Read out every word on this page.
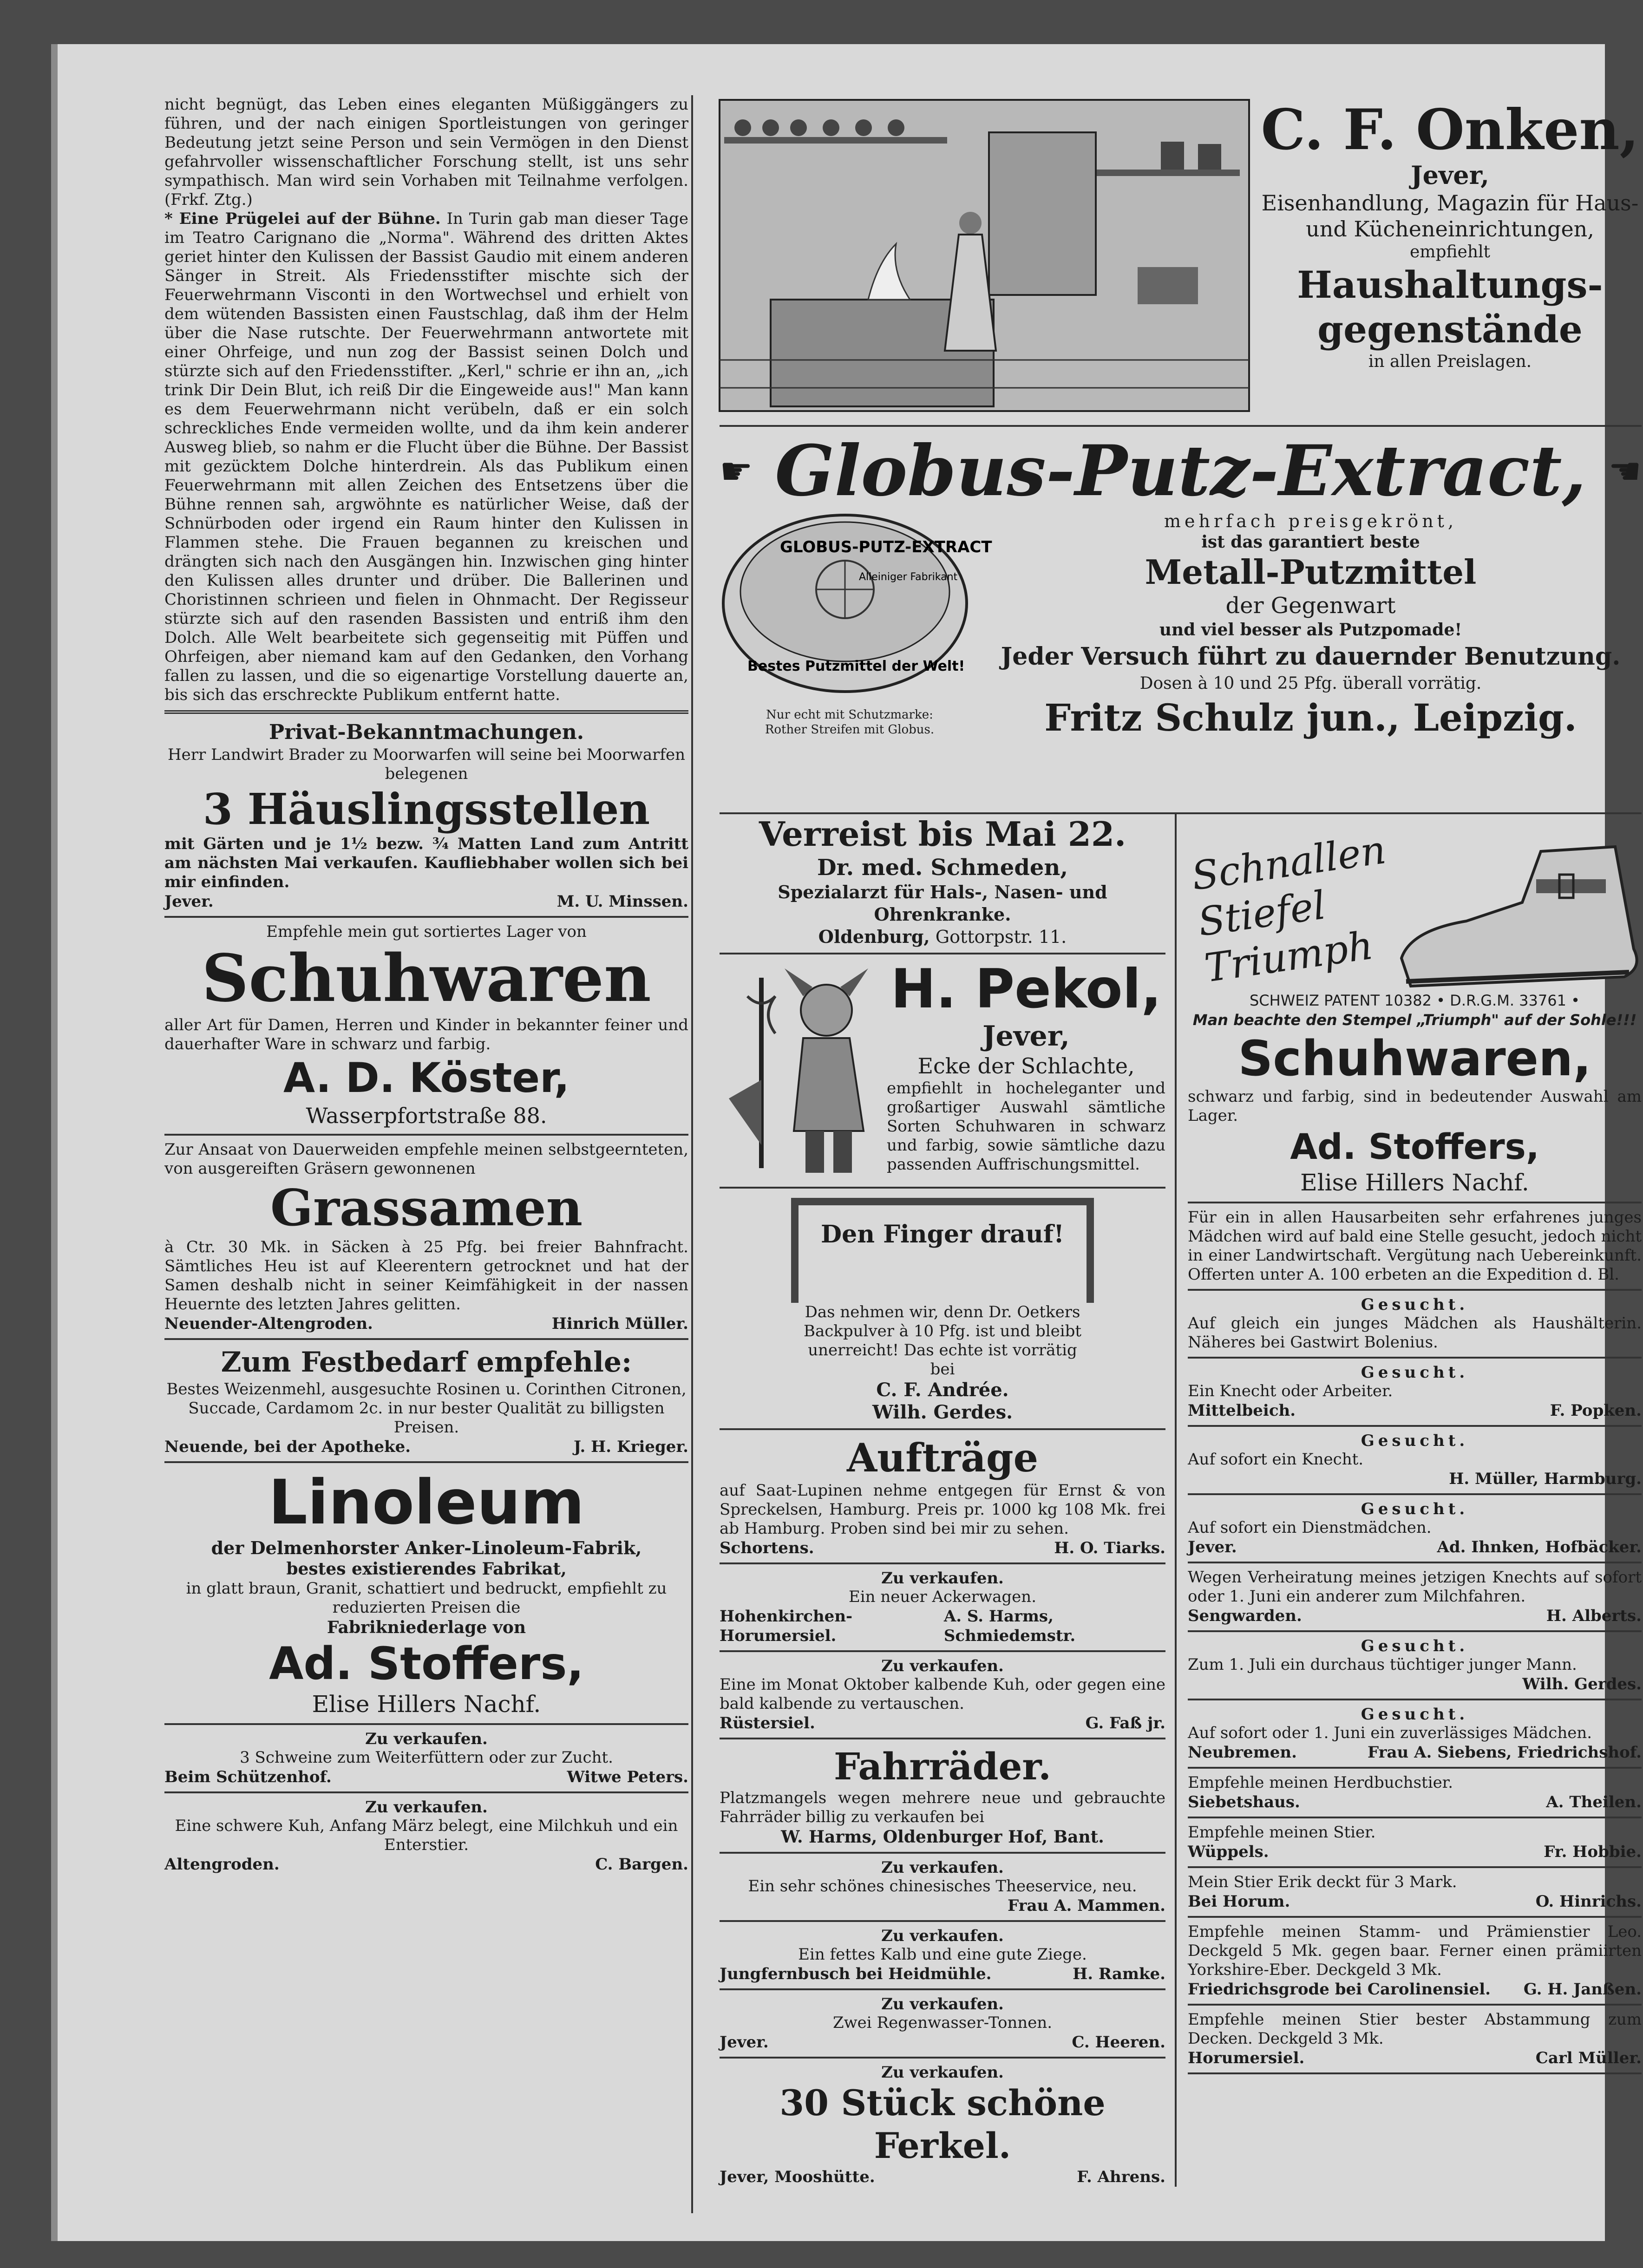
nicht begnügt, das Leben eines eleganten Müßiggängers zu führen, und der nach einigen Sportleistungen von geringer Bedeutung jetzt seine Person und sein Vermögen in den Dienst gefahrvoller wissenschaftlicher Forschung stellt, ist uns sehr sympathisch. Man wird sein Vorhaben mit Teilnahme verfolgen. (Frkf. Ztg.)

* Eine Prügelei auf der Bühne. In Turin gab man dieser Tage im Teatro Carignano die „Norma". Während des dritten Aktes geriet hinter den Kulissen der Bassist Gaudio mit einem anderen Sänger in Streit. Als Friedensstifter mischte sich der Feuerwehrmann Visconti in den Wortwechsel und erhielt von dem wütenden Bassisten einen Faustschlag, daß ihm der Helm über die Nase rutschte. Der Feuerwehrmann antwortete mit einer Ohrfeige, und nun zog der Bassist seinen Dolch und stürzte sich auf den Friedensstifter. „Kerl," schrie er ihn an, „ich trink Dir Dein Blut, ich reiß Dir die Eingeweide aus!" Man kann es dem Feuerwehrmann nicht verübeln, daß er ein solch schreckliches Ende vermeiden wollte, und da ihm kein anderer Ausweg blieb, so nahm er die Flucht über die Bühne. Der Bassist mit gezücktem Dolche hinterdrein. Als das Publikum einen Feuerwehrmann mit allen Zeichen des Entsetzens über die Bühne rennen sah, argwöhnte es natürlicher Weise, daß der Schnürboden oder irgend ein Raum hinter den Kulissen in Flammen stehe. Die Frauen begannen zu kreischen und drängten sich nach den Ausgängen hin. Inzwischen ging hinter den Kulissen alles drunter und drüber. Die Ballerinen und Choristinnen schrieen und fielen in Ohnmacht. Der Regisseur stürzte sich auf den rasenden Bassisten und entriß ihm den Dolch. Alle Welt bearbeitete sich gegenseitig mit Püffen und Ohrfeigen, aber niemand kam auf den Gedanken, den Vorhang fallen zu lassen, und die so eigenartige Vorstellung dauerte an, bis sich das erschreckte Publikum entfernt hatte.

Privat-Bekanntmachungen.

Herr Landwirt Brader zu Moorwarfen will seine bei Moorwarfen belegenen

3 Häuslingsstellen

mit Gärten und je 1½ bezw. ¾ Matten Land zum Antritt am nächsten Mai verkaufen. Kaufliebhaber wollen sich bei mir einfinden.

Jever.	M. U. Minssen.

Empfehle mein gut sortiertes Lager von

Schuhwaren

aller Art für Damen, Herren und Kinder in bekannter feiner und dauerhafter Ware in schwarz und farbig.

A. D. Köster,

Wasserpfortstraße 88.

Zur Ansaat von Dauerweiden empfehle meinen selbstgeernteten, von ausgereiften Gräsern gewonnenen

Grassamen

à Ctr. 30 Mk. in Säcken à 25 Pfg. bei freier Bahnfracht. Sämtliches Heu ist auf Kleerentern getrocknet und hat der Samen deshalb nicht in seiner Keimfähigkeit in der nassen Heuernte des letzten Jahres gelitten.

Neuender-Altengroden.	Hinrich Müller.

Zum Festbedarf empfehle:

Bestes Weizenmehl, ausgesuchte Rosinen u. Corinthen Citronen, Succade, Cardamom 2c. in nur bester Qualität zu billigsten Preisen.

Neuende, bei der Apotheke.	J. H. Krieger.

Linoleum

der Delmenhorster Anker-Linoleum-Fabrik,

bestes existierendes Fabrikat,

in glatt braun, Granit, schattiert und bedruckt, empfiehlt zu reduzierten Preisen die

Fabrikniederlage von

Ad. Stoffers,

Elise Hillers Nachf.

Zu verkaufen.

3 Schweine zum Weiterfüttern oder zur Zucht.

Beim Schützenhof.	Witwe Peters.

Zu verkaufen.

Eine schwere Kuh, Anfang März belegt, eine Milchkuh und ein Enterstier.

Altengroden.	C. Bargen.

C. F. Onken,

Jever,

Eisenhandlung, Magazin für Haus- und Kücheneinrichtungen,

empfiehlt

Haushaltungs-gegenstände

in allen Preislagen.

☛ Globus-Putz-Extract, ☚
GLOBUS-PUTZ-EXTRACT
Alleiniger Fabrikant
Bestes Putzmittel der Welt!

Nur echt mit Schutzmarke:

Rother Streifen mit Globus.

mehrfach preisgekrönt,

ist das garantiert beste

Metall-Putzmittel

der Gegenwart

und viel besser als Putzpomade!

Jeder Versuch führt zu dauernder Benutzung.

Dosen à 10 und 25 Pfg. überall vorrätig.

Fritz Schulz jun., Leipzig.

Verreist bis Mai 22.

Dr. med. Schmeden,

Spezialarzt für Hals-, Nasen- und Ohrenkranke.

Oldenburg, Gottorpstr. 11.

H. Pekol,

Jever,

Ecke der Schlachte,

empfiehlt in hocheleganter und großartiger Auswahl sämtliche Sorten Schuhwaren in schwarz und farbig, sowie sämtliche dazu passenden Auffrischungsmittel.

Den Finger drauf!

Das nehmen wir, denn Dr. Oetkers Backpulver à 10 Pfg. ist und bleibt unerreicht! Das echte ist vorrätig bei

C. F. Andrée.

Wilh. Gerdes.

Aufträge

auf Saat-Lupinen nehme entgegen für Ernst & von Spreckelsen, Hamburg. Preis pr. 1000 kg 108 Mk. frei ab Hamburg. Proben sind bei mir zu sehen.

Schortens.	H. O. Tiarks.

Zu verkaufen.

Ein neuer Ackerwagen.

Hohenkirchen-Horumersiel.
A. S. Harms, Schmiedemstr.

Zu verkaufen.

Eine im Monat Oktober kalbende Kuh, oder gegen eine bald kalbende zu vertauschen.

Rüstersiel.	G. Faß jr.

Fahrräder.

Platzmangels wegen mehrere neue und gebrauchte Fahrräder billig zu verkaufen bei

W. Harms, Oldenburger Hof, Bant.

Zu verkaufen.

Ein sehr schönes chinesisches Theeservice, neu.

Frau A. Mammen.

Zu verkaufen.

Ein fettes Kalb und eine gute Ziege.

Jungfernbusch bei Heidmühle.	H. Ramke.

Zu verkaufen.

Zwei Regenwasser-Tonnen.

Jever.	C. Heeren.

Zu verkaufen.

30 Stück schöne Ferkel.

Jever, Mooshütte.	F. Ahrens.

Schnallen Stiefel Triumph

SCHWEIZ PATENT 10382 • D.R.G.M. 33761 •

Man beachte den Stempel „Triumph" auf der Sohle!!!

Schuhwaren,

schwarz und farbig, sind in bedeutender Auswahl am Lager.

Ad. Stoffers,

Elise Hillers Nachf.

Für ein in allen Hausarbeiten sehr erfahrenes junges Mädchen wird auf bald eine Stelle gesucht, jedoch nicht in einer Landwirtschaft. Vergütung nach Uebereinkunft. Offerten unter A. 100 erbeten an die Expedition d. Bl.

Gesucht.

Auf gleich ein junges Mädchen als Haushälterin. Näheres bei Gastwirt Bolenius.

Gesucht.

Ein Knecht oder Arbeiter.

Mittelbeich.	F. Popken.

Gesucht.

Auf sofort ein Knecht.

H. Müller, Harmburg.

Gesucht.

Auf sofort ein Dienstmädchen.

Jever.	Ad. Ihnken, Hofbäcker.

Wegen Verheiratung meines jetzigen Knechts auf sofort oder 1. Juni ein anderer zum Milchfahren.

Sengwarden.	H. Alberts.

Gesucht.

Zum 1. Juli ein durchaus tüchtiger junger Mann.

Wilh. Gerdes.

Gesucht.

Auf sofort oder 1. Juni ein zuverlässiges Mädchen.

Neubremen.	Frau A. Siebens, Friedrichshof.

Empfehle meinen Herdbuchstier.

Siebetshaus.	A. Theilen.

Empfehle meinen Stier.

Wüppels.	Fr. Hobbie.

Mein Stier Erik deckt für 3 Mark.

Bei Horum.	O. Hinrichs.

Empfehle meinen Stamm- und Prämienstier Leo. Deckgeld 5 Mk. gegen baar. Ferner einen prämiirten Yorkshire-Eber. Deckgeld 3 Mk.

Friedrichsgrode bei Carolinensiel. G. H. Janßen.

Empfehle meinen Stier bester Abstammung zum Decken. Deckgeld 3 Mk.

Horumersiel.	Carl Müller.
